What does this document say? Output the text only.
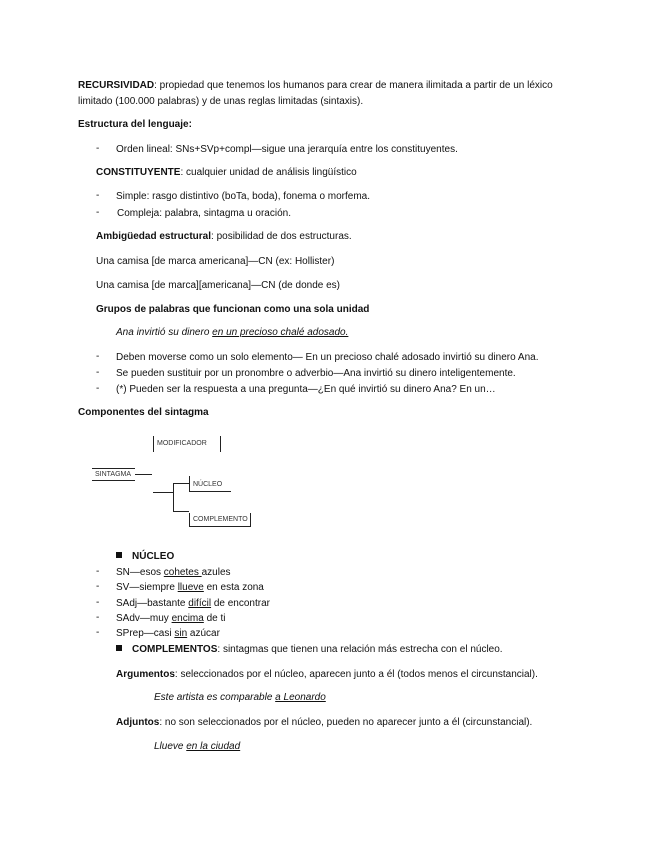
RECURSIVIDAD: propiedad que tenemos los humanos para crear de manera ilimitada a partir de un léxico
limitado (100.000 palabras) y de unas reglas limitadas (sintaxis).
Estructura del lenguaje:
- Orden lineal: SNs+SVp+compl—sigue una jerarquía entre los constituyentes.
CONSTITUYENTE: cualquier unidad de análisis lingüístico
- Simple: rasgo distintivo (boTa, boda), fonema o morfema.
- Compleja: palabra, sintagma u oración.
Ambigüedad estructural: posibilidad de dos estructuras.
Una camisa [de marca americana]—CN (ex: Hollister)
Una camisa [de marca][americana]—CN (de donde es)
Grupos de palabras que funcionan como una sola unidad
Ana invirtió su dinero en un precioso chalé adosado.
- Deben moverse como un solo elemento— En un precioso chalé adosado invirtió su dinero Ana.
- Se pueden sustituir por un pronombre o adverbio—Ana invirtió su dinero inteligentemente.
- (*) Pueden ser la respuesta a una pregunta—¿En qué invirtió su dinero Ana? En un…
Componentes del sintagma
MODIFICADOR
SINTAGMA
NÚCLEO
COMPLEMENTO
NÚCLEO
- SN—esos cohetes azules
- SV—siempre llueve en esta zona
- SAdj—bastante difícil de encontrar
- SAdv—muy encima de ti
- SPrep—casi sin azúcar
COMPLEMENTOS: sintagmas que tienen una relación más estrecha con el núcleo.
Argumentos: seleccionados por el núcleo, aparecen junto a él (todos menos el circunstancial).
Este artista es comparable a Leonardo
Adjuntos: no son seleccionados por el núcleo, pueden no aparecer junto a él (circunstancial).
Llueve en la ciudad
